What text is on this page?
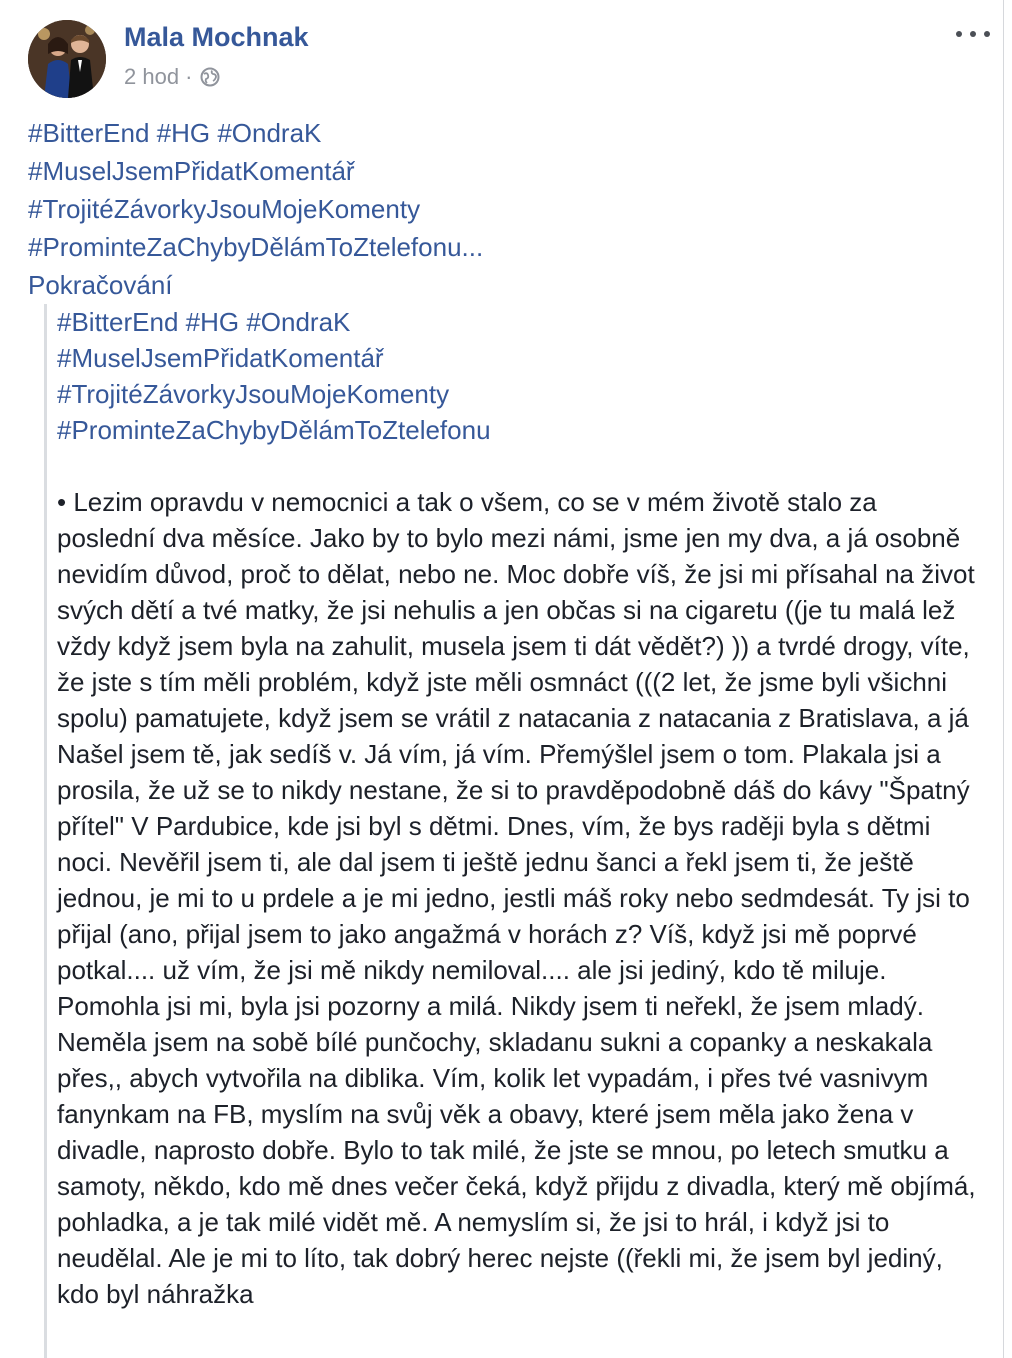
Mala Mochnak
2 hod ·
#BitterEnd #HG #OndraK
#MuselJsemPřidatKomentář
#TrojitéZávorkyJsouMojeKomenty
#ProminteZaChybyDělámToZtelefonu...
Pokračování
#BitterEnd #HG #OndraK
#MuselJsemPřidatKomentář
#TrojitéZávorkyJsouMojeKomenty
#ProminteZaChybyDělámToZtelefonu
• Lezim opravdu v nemocnici a tak o všem, co se v mém životě stalo za poslední dva měsíce. Jako by to bylo mezi námi, jsme jen my dva, a já osobně nevidím důvod, proč to dělat, nebo ne. Moc dobře víš, že jsi mi přísahal na život svých dětí a tvé matky, že jsi nehulis a jen občas si na cigaretu ((je tu malá lež vždy když jsem byla na zahulit, musela jsem ti dát vědět?) )) a tvrdé drogy, víte, že jste s tím měli problém, když jste měli osmnáct (((2 let, že jsme byli všichni spolu) pamatujete, když jsem se vrátil z natacania z natacania z Bratislava, a já Našel jsem tě, jak sedíš v. Já vím, já vím. Přemýšlel jsem o tom. Plakala jsi a prosila, že už se to nikdy nestane, že si to pravděpodobně dáš do kávy "Špatný přítel" V Pardubice, kde jsi byl s dětmi. Dnes, vím, že bys raději byla s dětmi noci. Nevěřil jsem ti, ale dal jsem ti ještě jednu šanci a řekl jsem ti, že ještě jednou, je mi to u prdele a je mi jedno, jestli máš roky nebo sedmdesát. Ty jsi to přijal (ano, přijal jsem to jako angažmá v horách z? Víš, když jsi mě poprvé potkal.... už vím, že jsi mě nikdy nemiloval.... ale jsi jediný, kdo tě miluje. Pomohla jsi mi, byla jsi pozorny a milá. Nikdy jsem ti neřekl, že jsem mladý. Neměla jsem na sobě bílé punčochy, skladanu sukni a copanky a neskakala přes,, abych vytvořila na diblika. Vím, kolik let vypadám, i přes tvé vasnivym fanynkam na FB, myslím na svůj věk a obavy, které jsem měla jako žena v divadle, naprosto dobře. Bylo to tak milé, že jste se mnou, po letech smutku a samoty, někdo, kdo mě dnes večer čeká, když přijdu z divadla, který mě objímá, pohladka, a je tak milé vidět mě. A nemyslím si, že jsi to hrál, i když jsi to neudělal. Ale je mi to líto, tak dobrý herec nejste ((řekli mi, že jsem byl jediný, kdo byl náhražka
